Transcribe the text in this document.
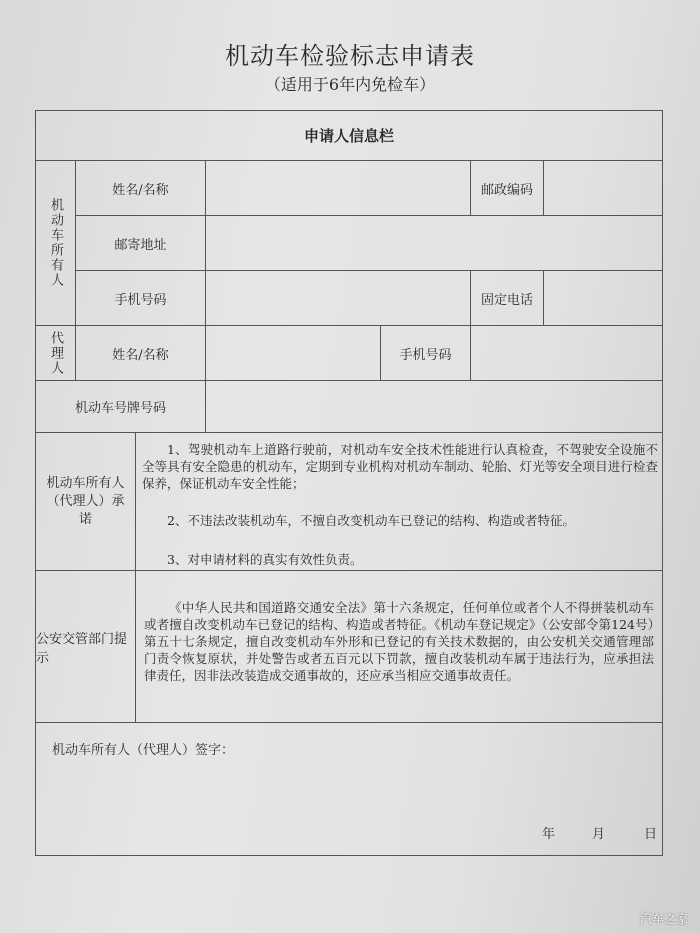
机动车检验标志申请表
（适用于6年内免检车）
申请人信息栏
机动车所有人
姓名/名称	邮政编码
邮寄地址
手机号码	固定电话
代理人	姓名/名称	手机号码
机动车号牌号码
机动车所有人（代理人）承诺

1、驾驶机动车上道路行驶前，对机动车安全技术性能进行认真检查，不驾驶安全设施不全等具有安全隐患的机动车，定期到专业机构对机动车制动、轮胎、灯光等安全项目进行检查保养，保证机动车安全性能；

2、不违法改装机动车，不擅自改变机动车已登记的结构、构造或者特征。

3、对申请材料的真实有效性负责。

公安交管部门提示

《中华人民共和国道路交通安全法》第十六条规定，任何单位或者个人不得拼装机动车或者擅自改变机动车已登记的结构、构造或者特征。《机动车登记规定》（公安部令第124号）第五十七条规定，擅自改变机动车外形和已登记的有关技术数据的，由公安机关交通管理部门责令恢复原状，并处警告或者五百元以下罚款，擅自改装机动车属于违法行为，应承担法律责任，因非法改装造成交通事故的，还应承当相应交通事故责任。

机动车所有人（代理人）签字：
年	月	日
汽车之家
